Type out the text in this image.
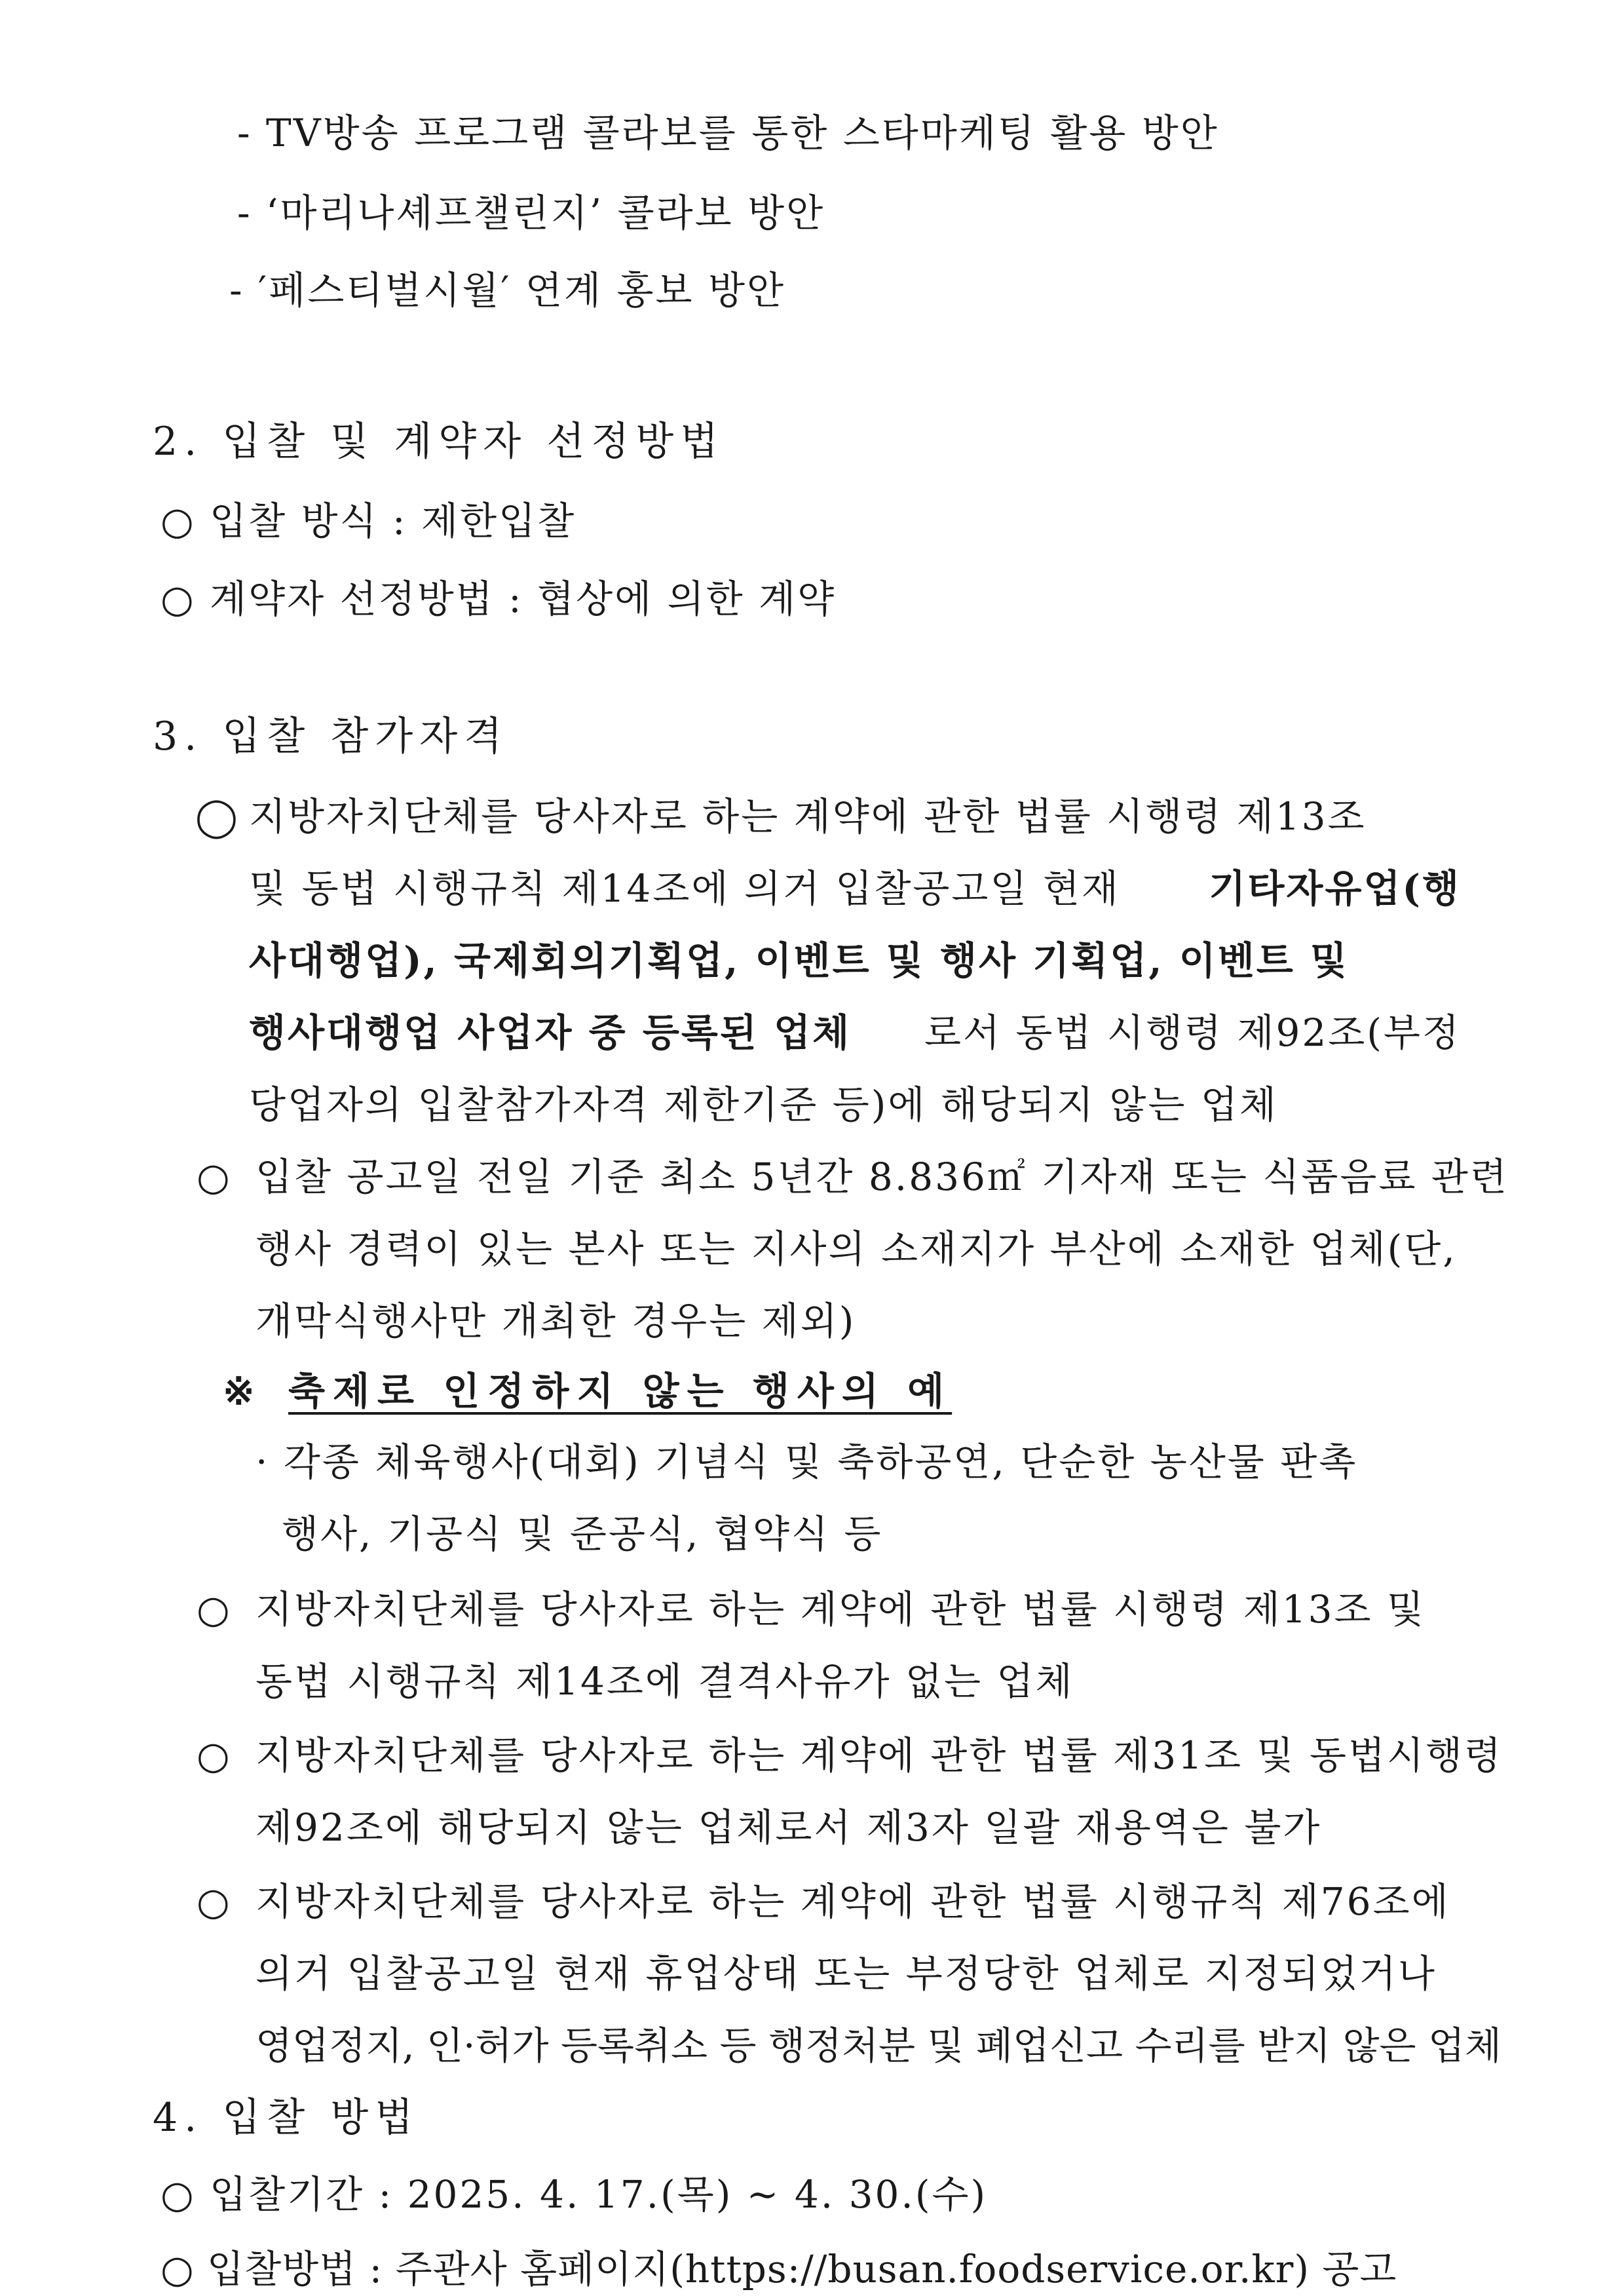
- TV방송 프로그램 콜라보를 통한 스타마케팅 활용 방안
- ‘마리나셰프챌린지’ 콜라보 방안
- ′페스티벌시월′ 연계 홍보 방안
2. 입찰 및 계약자 선정방법
○ 입찰 방식 : 제한입찰
○ 계약자 선정방법 : 협상에 의한 계약
3. 입찰 참가자격
◯ 지방자치단체를 당사자로 하는 계약에 관한 법률 시행령 제13조
및 동법 시행규칙 제14조에 의거 입찰공고일 현재 기타자유업(행
사대행업), 국제회의기획업, 이벤트 및 행사 기획업, 이벤트 및
행사대행업 사업자 중 등록된 업체 로서 동법 시행령 제92조(부정
당업자의 입찰참가자격 제한기준 등)에 해당되지 않는 업체
○ 입찰 공고일 전일 기준 최소 5년간 8.836㎡ 기자재 또는 식품음료 관련
행사 경력이 있는 본사 또는 지사의 소재지가 부산에 소재한 업체(단,
개막식행사만 개최한 경우는 제외)
※ 축제로 인정하지 않는 행사의 예
· 각종 체육행사(대회) 기념식 및 축하공연, 단순한 농산물 판촉
행사, 기공식 및 준공식, 협약식 등
○ 지방자치단체를 당사자로 하는 계약에 관한 법률 시행령 제13조 및
동법 시행규칙 제14조에 결격사유가 없는 업체
○ 지방자치단체를 당사자로 하는 계약에 관한 법률 제31조 및 동법시행령
제92조에 해당되지 않는 업체로서 제3자 일괄 재용역은 불가
○ 지방자치단체를 당사자로 하는 계약에 관한 법률 시행규칙 제76조에
의거 입찰공고일 현재 휴업상태 또는 부정당한 업체로 지정되었거나
영업정지, 인·허가 등록취소 등 행정처분 및 폐업신고 수리를 받지 않은 업체
4. 입찰 방법
○ 입찰기간 : 2025. 4. 17.(목) ~ 4. 30.(수)
○ 입찰방법 : 주관사 홈페이지(https://busan.foodservice.or.kr) 공고
